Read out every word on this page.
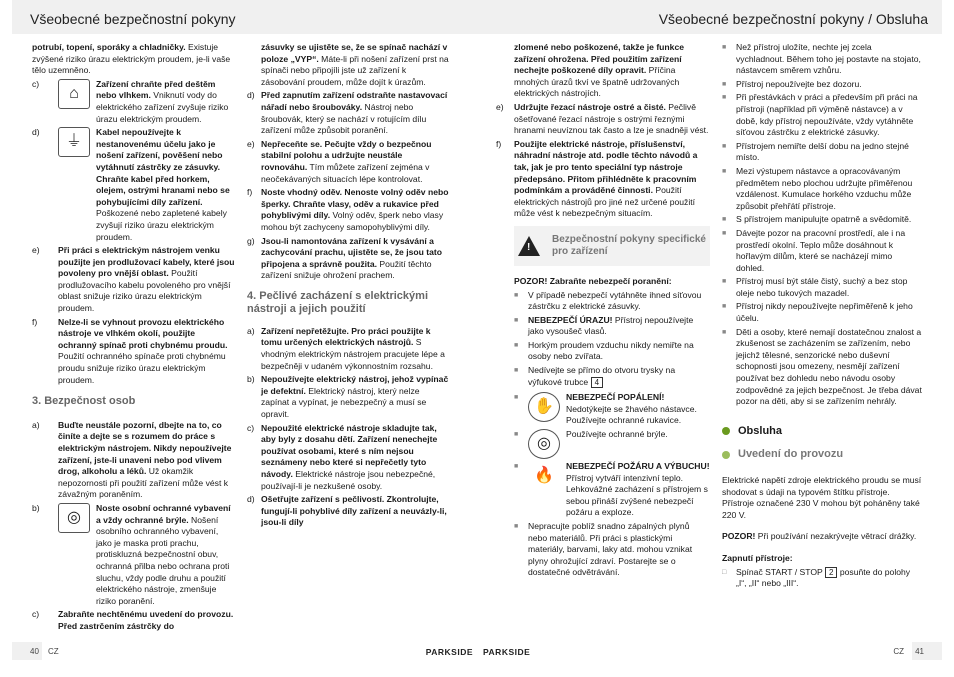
Všeobecné bezpečnostní pokyny

potrubí, topení, sporáky a chladničky. Existuje zvýšené riziko úrazu elektrickým proudem, je-li vaše tělo uzemněno.

c)
⌂
Zařízení chraňte před deštěm nebo vlhkem. Vniknutí vody do elektrického zařízení zvyšuje riziko úrazu elektrickým proudem.
d)
⏚
Kabel nepoužívejte k nestanovenému účelu jako je nošení zařízení, pověšení nebo vytáhnutí zástrčky ze zásuvky. Chraňte kabel před horkem, olejem, ostrými hranami nebo se pohybujícími díly zařízení. Poškozené nebo zapletené kabely zvyšují riziko úrazu elektrickým proudem.
e)	Při práci s elektrickým nástrojem venku použijte jen prodlužovací kabely, které jsou povoleny pro vnější oblast. Použití prodlužovacího kabelu povoleného pro vnější oblast snižuje riziko úrazu elektrickým proudem.
f)	Nelze-li se vyhnout provozu elektrického nástroje ve vlhkém okolí, použijte ochranný spínač proti chybnému proudu. Použití ochranného spínače proti chybnému proudu snižuje riziko úrazu elektrickým proudem.
3. Bezpečnost osob
a)	Buďte neustále pozorní, dbejte na to, co činíte a dejte se s rozumem do práce s elektrickým nástrojem. Nikdy nepoužívejte zařízení, jste-li unaveni nebo pod vlivem drog, alkoholu a léků. Už okamžik nepozornosti při použití zařízení může vést k závažným poraněním.
b)
◎
Noste osobní ochranné vybavení a vždy ochranné brýle. Nošení osobního ochranného vybavení, jako je maska proti prachu, protiskluzná bezpečnostní obuv, ochranná přilba nebo ochrana proti sluchu, vždy podle druhu a použití elektrického nástroje, zmenšuje riziko poranění.
c)	Zabraňte nechtěnému uvedení do provozu. Před zastrčením zástrčky do

zásuvky se ujistěte se, že se spínač nachází v poloze „VYP“. Máte-li při nošení zařízení prst na spínači nebo připojíli jste už zařízení k zásobování proudem, může dojít k úrazům.

d) Před zapnutím zařízení odstraňte nastavovací nářadí nebo šroubováky. Nástroj nebo šroubovák, který se nachází v rotujícím dílu zařízení může způsobit poranění.
e) Nepřeceňte se. Pečujte vždy o bezpečnou stabilní polohu a udržujte neustále rovnováhu. Tím můžete zařízení zejména v neočekávaných situacích lépe kontrolovat.
f)	Noste vhodný oděv. Nenoste volný oděv nebo šperky. Chraňte vlasy, oděv a rukavice před pohyblivými díly. Volný oděv, šperk nebo vlasy mohou být zachyceny samopohyblivými díly.
g) Jsou-li namontována zařízení k vysávání a zachycování prachu, ujistěte se, že jsou tato připojena a správně použita. Použití těchto zařízení snižuje ohrožení prachem.
4. Pečlivé zacházení s elektrickými nástroji a jejich použití
a) Zařízení nepřetěžujte. Pro práci použijte k tomu určených elektrických nástrojů. S vhodným elektrickým nástrojem pracujete lépe a bezpečněji v udaném výkonnostním rozsahu.
b) Nepoužívejte elektrický nástroj, jehož vypínač je defektní. Elektrický nástroj, který nelze zapínat a vypínat, je nebezpečný a musí se opravit.
c) Nepoužité elektrické nástroje skladujte tak, aby byly z dosahu dětí. Zařízení nenechejte používat osobami, které s ním nejsou seznámeny nebo které si nepřečetly tyto návody. Elektrické nástroje jsou nebezpečné, používají-li je nezkušené osoby.
d) Ošetřujte zařízení s pečlivostí. Zkontrolujte, fungují-li pohyblivé díly zařízení a neuvázly-li, jsou-li díly
40 CZ	PARKSIDE
Všeobecné bezpečnostní pokyny / Obsluha

zlomené nebo poškozené, takže je funkce zařízení ohrožena. Před použitím zařízení nechejte poškozené díly opravit. Příčina mnohých úrazů tkví ve špatně udržovaných elektrických nástrojích.

e)	Udržujte řezací nástroje ostré a čisté. Pečlivě ošetřované řezací nástroje s ostrými řeznými hranami neuvíznou tak často a lze je snadněji vést.
f)	Použijte elektrické nástroje, příslušenství, náhradní nástroje atd. podle těchto návodů a tak, jak je pro tento speciální typ nástroje předepsáno. Přitom přihlédněte k pracovním podmínkám a prováděné činnosti. Použití elektrických nástrojů pro jiné než určené použití může vést k nebezpečným situacím.
!
Bezpečnostní pokyny specifické pro zařízení

POZOR! Zabraňte nebezpečí poranění:

■	V případě nebezpečí vytáhněte ihned síťovou zástrčku z elektrické zásuvky.
■	NEBEZPEČÍ ÚRAZU! Přístroj nepoužívejte jako vysoušeč vlasů.
■	Horkým proudem vzduchu nikdy nemiřte na osoby nebo zvířata.
■	Nedívejte se přímo do otvoru trysky na výfukové trubce 4
■
✋
NEBEZPEČÍ POPÁLENÍ! Nedotýkejte se žhavého nástavce. Používejte ochranné rukavice.
■
◎
Používejte ochranné brýle.
■
🔥
NEBEZPEČÍ POŽÁRU A VÝBUCHU! Přístroj vytváří intenzivní teplo. Lehkovážné zacházení s přístrojem s sebou přináší zvýšené nebezpečí požáru a exploze.
■	Nepracujte poblíž snadno zápalných plynů nebo materiálů. Při práci s plastickými materiály, barvami, laky atd. mohou vznikat plyny ohrožující zdraví. Postarejte se o dostatečné odvětrávání.
■	Než přístroj uložíte, nechte jej zcela vychladnout. Během toho jej postavte na stojato, nástavcem směrem vzhůru.
■	Přístroj nepoužívejte bez dozoru.
■	Při přestávkách v práci a především při práci na přístroji (například při výměně nástavce) a v době, kdy přístroj nepoužíváte, vždy vytáhněte síťovou zástrčku z elektrické zásuvky.
■	Přístrojem nemiřte delší dobu na jedno stejné místo.
■	Mezi výstupem nástavce a opracovávaným předmětem nebo plochou udržujte přiměřenou vzdálenost. Kumulace horkého vzduchu může způsobit přehřátí přístroje.
■	S přístrojem manipulujte opatrně a svědomitě.
■	Dávejte pozor na pracovní prostředí, ale i na prostředí okolní. Teplo může dosáhnout k hořlavým dílům, které se nacházejí mimo dohled.
■	Přístroj musí být stále čistý, suchý a bez stop oleje nebo tukových mazadel.
■	Přístroj nikdy nepoužívejte nepřiměřeně k jeho účelu.
■	Děti a osoby, které nemají dostatečnou znalost a zkušenost se zacházením se zařízením, nebo jejichž tělesné, senzorické nebo duševní schopnosti jsou omezeny, nesmějí zařízení používat bez dohledu nebo návodu osoby zodpovědné za jejich bezpečnost. Je třeba dávat pozor na děti, aby si se zařízením nehrály.
Obsluha
Uvedení do provozu

Elektrické napětí zdroje elektrického proudu se musí shodovat s údaji na typovém štítku přístroje. Přístroje označené 230 V mohou být poháněny také 220 V.

POZOR! Při používání nezakrývejte větrací drážky.

Zapnutí přístroje:

□	Spínač START / STOP 2 posuňte do polohy „I“, „II“ nebo „III“.
PARKSIDE	CZ 41
